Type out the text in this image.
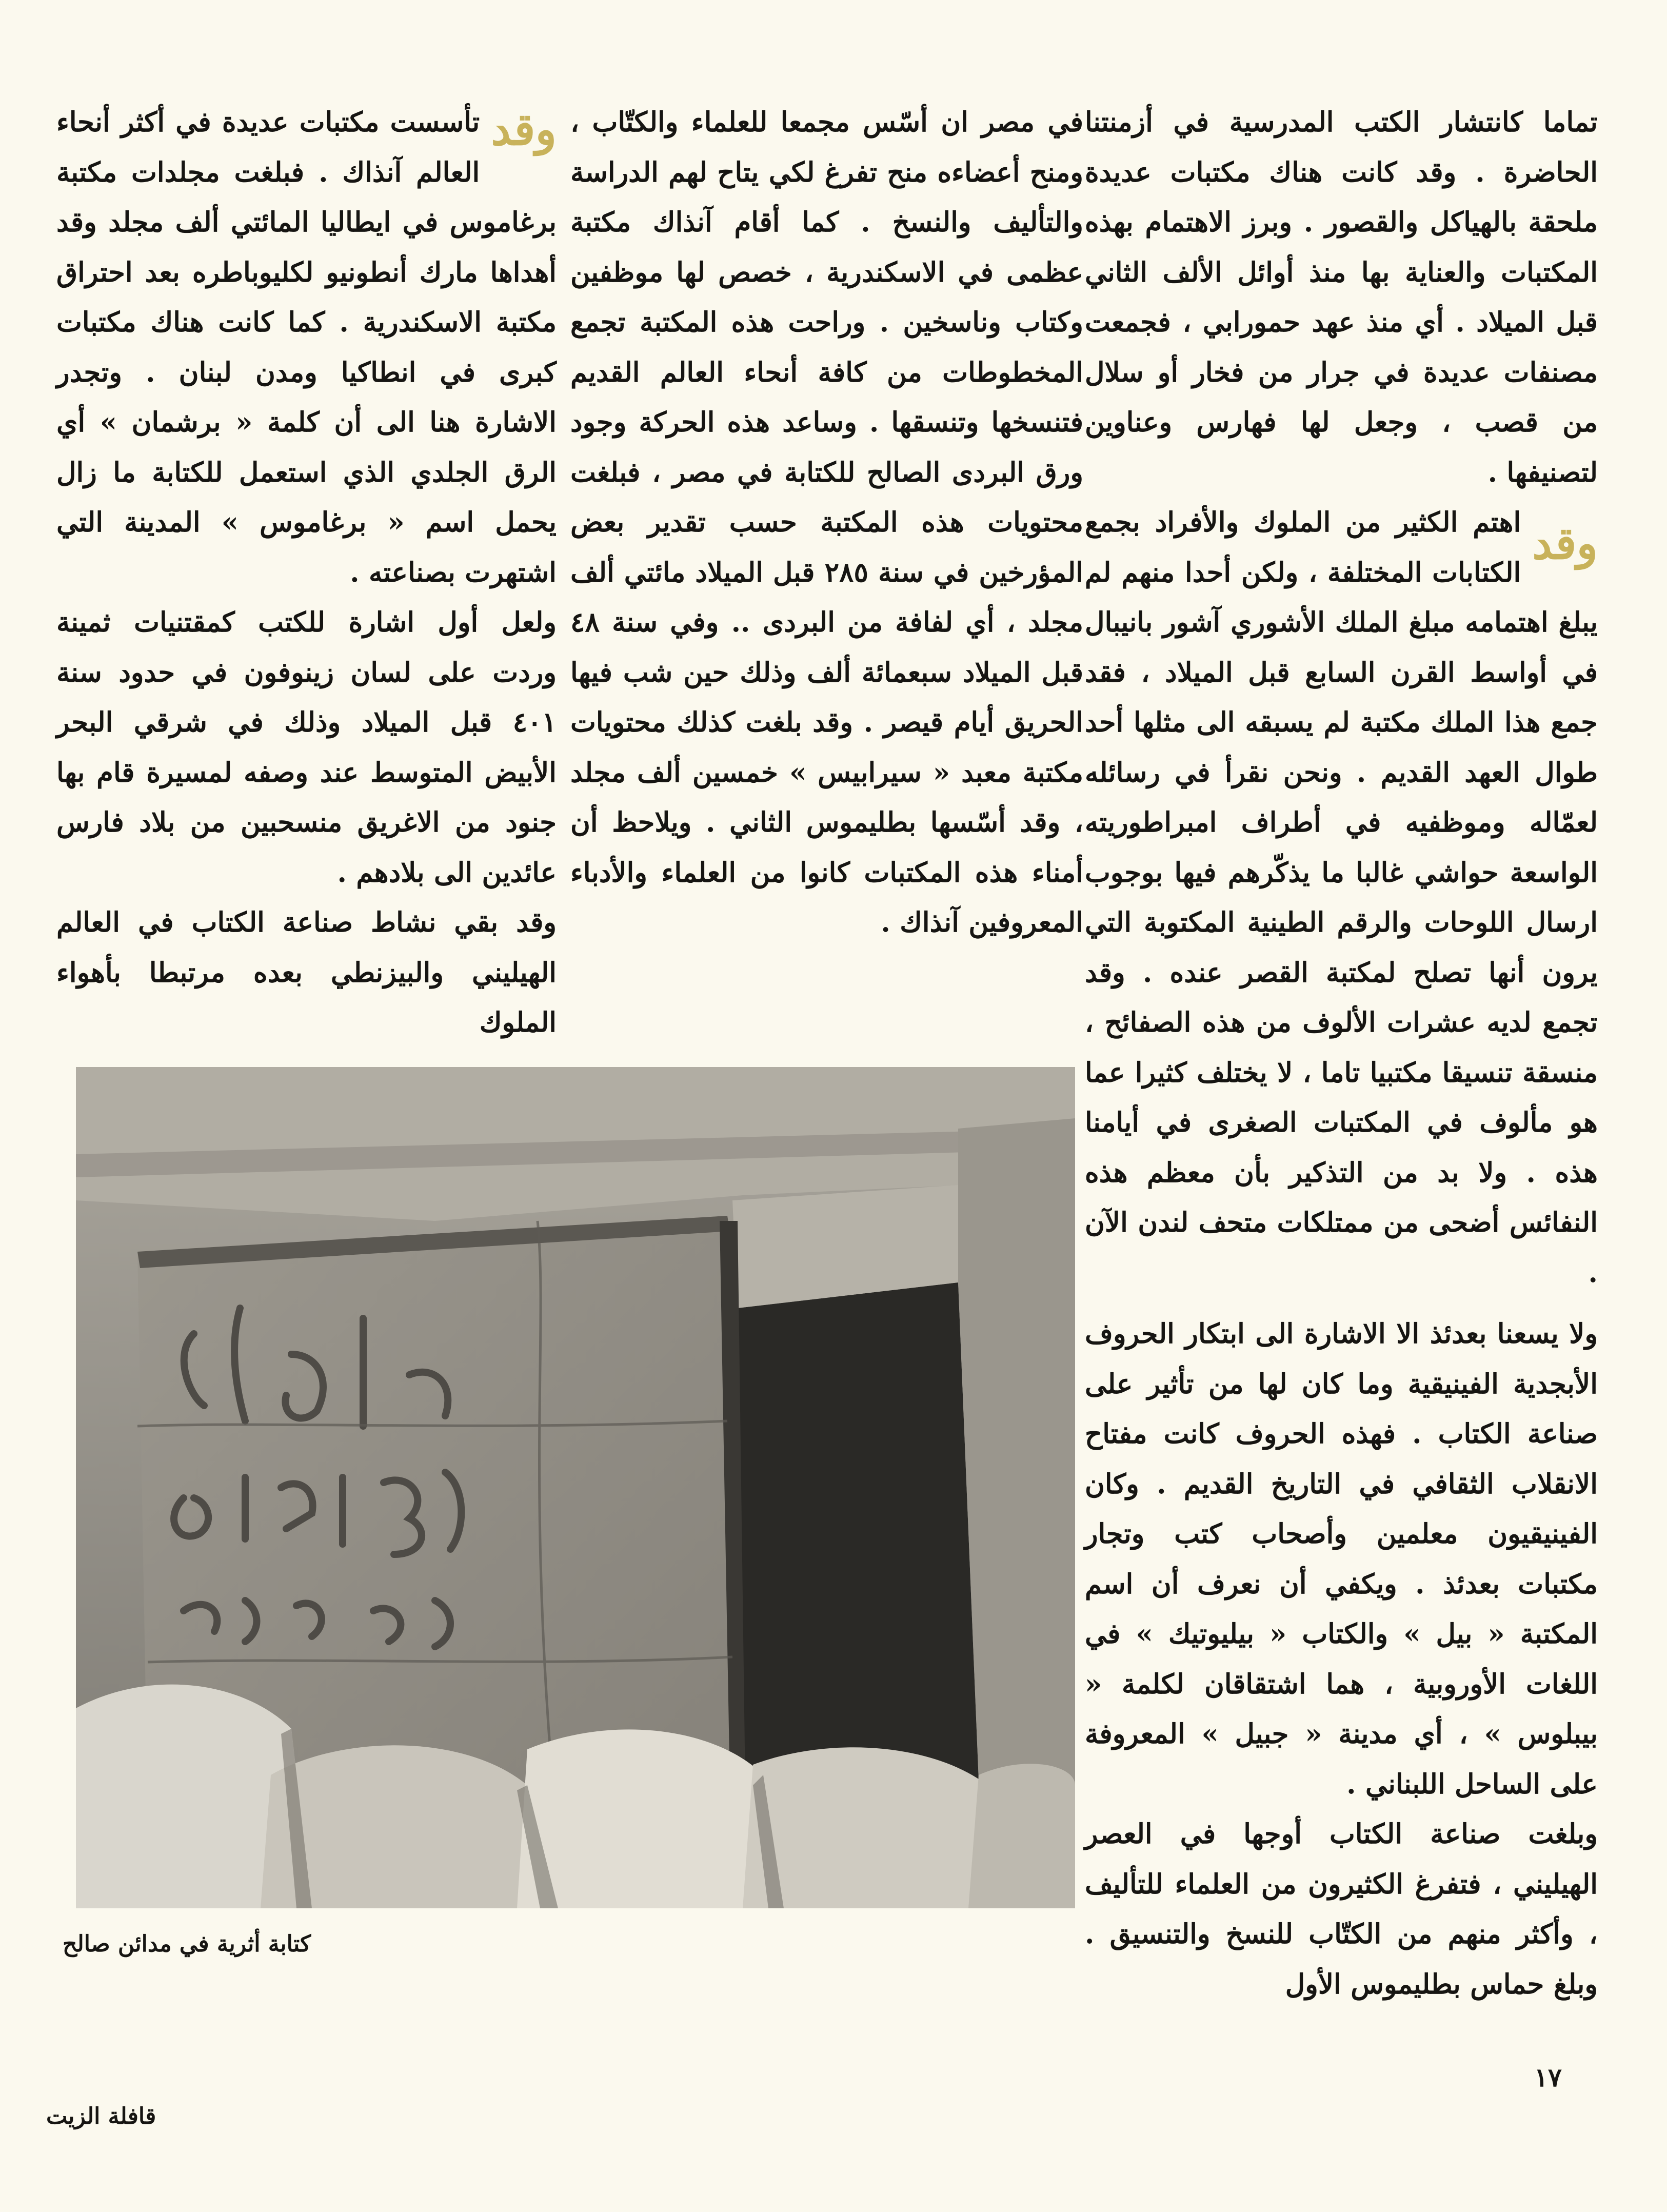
تماما كانتشار الكتب المدرسية في أزمنتنا الحاضرة . وقد كانت هناك مكتبات عديدة ملحقة بالهياكل والقصور . وبرز الاهتمام بهذه المكتبات والعناية بها منذ أوائل الألف الثاني قبل الميلاد . أي منذ عهد حمورابي ، فجمعت مصنفات عديدة في جرار من فخار أو سلال من قصب ، وجعل لها فهارس وعناوين لتصنيفها .

وقد
اهتم الكثير من الملوك والأفراد بجمع الكتابات المختلفة ، ولكن أحدا منهم لم يبلغ اهتمامه مبلغ الملك الأشوري آشور بانيبال في أواسط القرن السابع قبل الميلاد ، فقد جمع هذا الملك مكتبة لم يسبقه الى مثلها أحد طوال العهد القديم . ونحن نقرأ في رسائله لعمّاله وموظفيه في أطراف امبراطوريته الواسعة حواشي غالبا ما يذكّرهم فيها بوجوب ارسال اللوحات والرقم الطينية المكتوبة التي يرون أنها تصلح لمكتبة القصر عنده . وقد تجمع لديه عشرات الألوف من هذه الصفائح ، منسقة تنسيقا مكتبيا تاما ، لا يختلف كثيرا عما هو مألوف في المكتبات الصغرى في أيامنا هذه . ولا بد من التذكير بأن معظم هذه النفائس أضحى من ممتلكات متحف لندن الآن .

ولا يسعنا بعدئذ الا الاشارة الى ابتكار الحروف الأبجدية الفينيقية وما كان لها من تأثير على صناعة الكتاب . فهذه الحروف كانت مفتاح الانقلاب الثقافي في التاريخ القديم . وكان الفينيقيون معلمين وأصحاب كتب وتجار مكتبات بعدئذ . ويكفي أن نعرف أن اسم المكتبة « بيل » والكتاب « بيليوتيك » في اللغات الأوروبية ، هما اشتقاقان لكلمة « بيبلوس » ، أي مدينة « جبيل » المعروفة على الساحل اللبناني .

وبلغت صناعة الكتاب أوجها في العصر الهيليني ، فتفرغ الكثيرون من العلماء للتأليف ، وأكثر منهم من الكتّاب للنسخ والتنسيق . وبلغ حماس بطليموس الأول

في مصر ان أسّس مجمعا للعلماء والكتّاب ، ومنح أعضاءه منح تفرغ لكي يتاح لهم الدراسة والتأليف والنسخ . كما أقام آنذاك مكتبة عظمى في الاسكندرية ، خصص لها موظفين وكتاب وناسخين . وراحت هذه المكتبة تجمع المخطوطات من كافة أنحاء العالم القديم فتنسخها وتنسقها . وساعد هذه الحركة وجود ورق البردى الصالح للكتابة في مصر ، فبلغت محتويات هذه المكتبة حسب تقدير بعض المؤرخين في سنة ٢٨٥ قبل الميلاد مائتي ألف مجلد ، أي لفافة من البردى .. وفي سنة ٤٨ قبل الميلاد سبعمائة ألف وذلك حين شب فيها الحريق أيام قيصر . وقد بلغت كذلك محتويات مكتبة معبد « سيرابيس » خمسين ألف مجلد ، وقد أسّسها بطليموس الثاني . ويلاحظ أن أمناء هذه المكتبات كانوا من العلماء والأدباء المعروفين آنذاك .

وقد
تأسست مكتبات عديدة في أكثر أنحاء العالم آنذاك . فبلغت مجلدات مكتبة برغاموس في ايطاليا المائتي ألف مجلد وقد أهداها مارك أنطونيو لكليوباطره بعد احتراق مكتبة الاسكندرية . كما كانت هناك مكتبات كبرى في انطاكيا ومدن لبنان . وتجدر الاشارة هنا الى أن كلمة « برشمان » أي الرق الجلدي الذي استعمل للكتابة ما زال يحمل اسم « برغاموس » المدينة التي اشتهرت بصناعته .

ولعل أول اشارة للكتب كمقتنيات ثمينة وردت على لسان زينوفون في حدود سنة ٤٠١ قبل الميلاد وذلك في شرقي البحر الأبيض المتوسط عند وصفه لمسيرة قام بها جنود من الاغريق منسحبين من بلاد فارس عائدين الى بلادهم .

وقد بقي نشاط صناعة الكتاب في العالم الهيليني والبيزنطي بعده مرتبطا بأهواء الملوك

كتابة أثرية في مدائن صالح
١٧
قافلة الزيت
